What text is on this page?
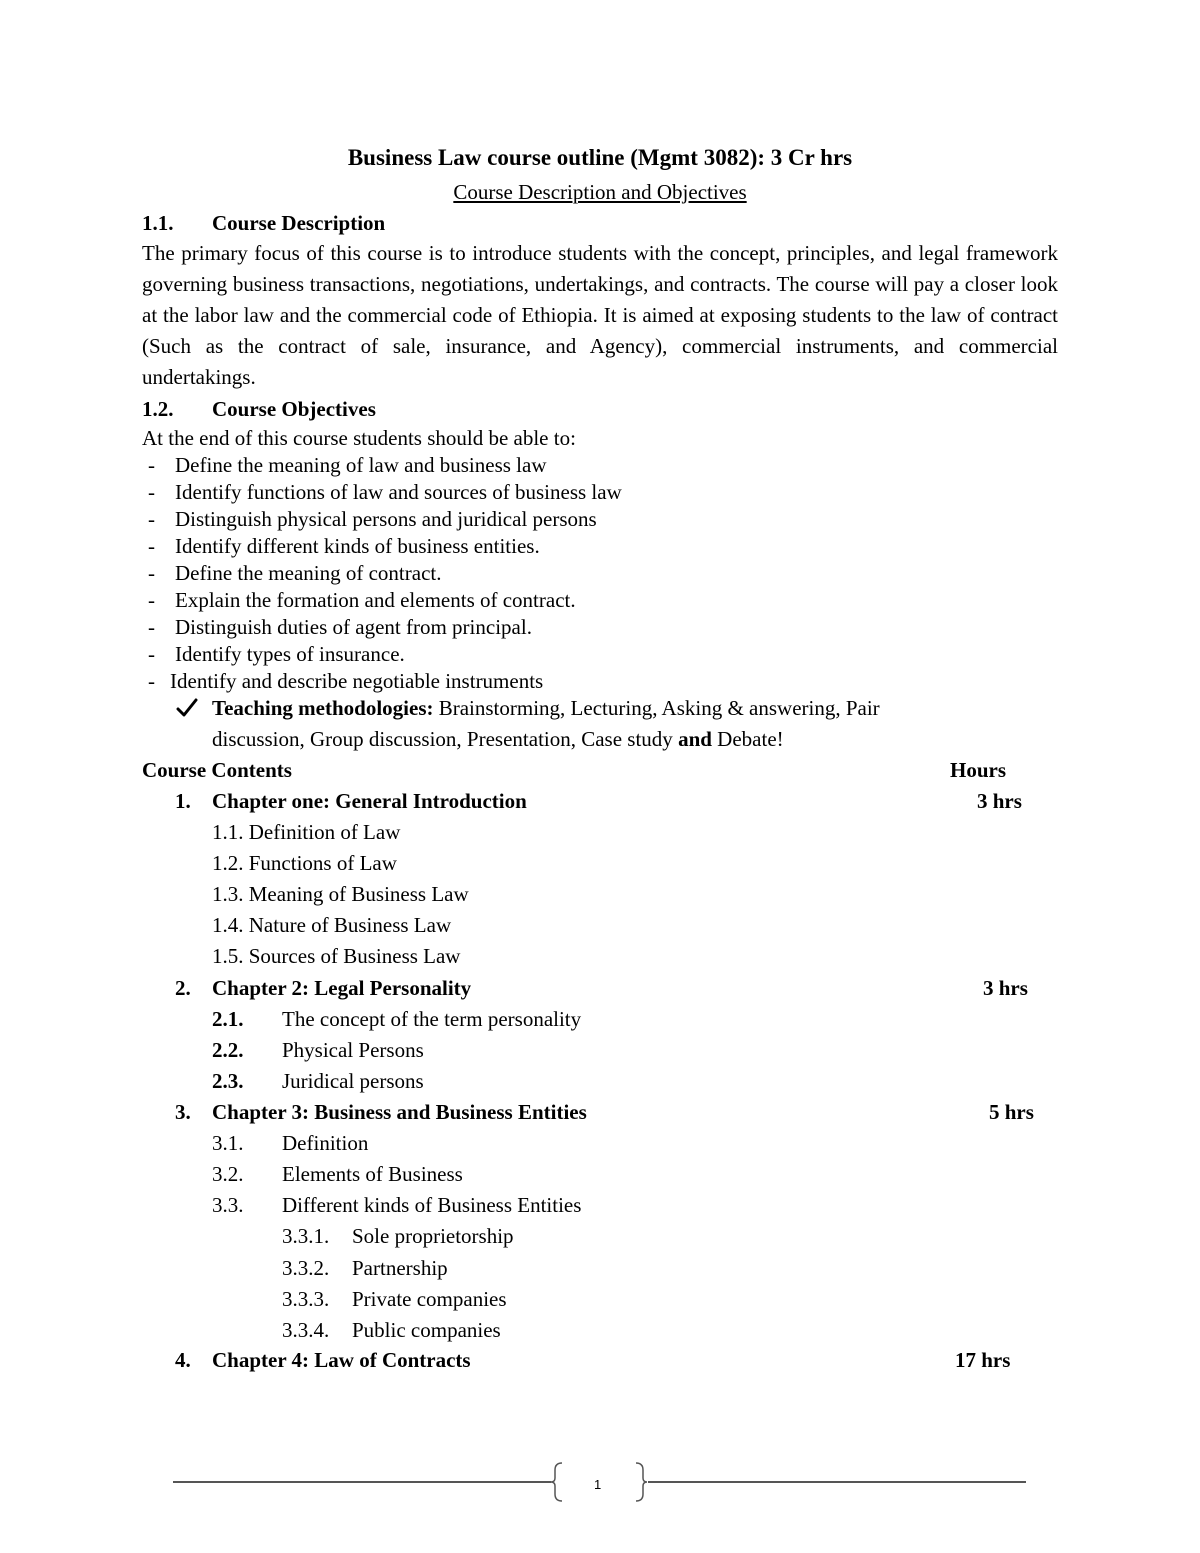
Business Law course outline (Mgmt 3082): 3 Cr hrs
Course Description and Objectives
1.1. Course Description
The primary focus of this course is to introduce students with the concept, principles, and legal framework governing business transactions, negotiations, undertakings, and contracts. The course will pay a closer look at the labor law and the commercial code of Ethiopia. It is aimed at exposing students to the law of contract (Such as the contract of sale, insurance, and Agency), commercial instruments, and commercial undertakings.
1.2. Course Objectives
At the end of this course students should be able to:
- Define the meaning of law and business law
- Identify functions of law and sources of business law
- Distinguish physical persons and juridical persons
- Identify different kinds of business entities.
- Define the meaning of contract.
- Explain the formation and elements of contract.
- Distinguish duties of agent from principal.
- Identify types of insurance.
- Identify and describe negotiable instruments
Teaching methodologies: Brainstorming, Lecturing, Asking & answering, Pair
discussion, Group discussion, Presentation, Case study and Debate!
Course Contents	Hours
1. Chapter one: General Introduction	3 hrs
1.1. Definition of Law
1.2. Functions of Law
1.3. Meaning of Business Law
1.4. Nature of Business Law
1.5. Sources of Business Law
2. Chapter 2: Legal Personality	3 hrs
2.1. The concept of the term personality
2.2. Physical Persons
2.3. Juridical persons
3. Chapter 3: Business and Business Entities	5 hrs
3.1. Definition
3.2. Elements of Business
3.3. Different kinds of Business Entities
3.3.1. Sole proprietorship
3.3.2. Partnership
3.3.3. Private companies
3.3.4. Public companies
4. Chapter 4: Law of Contracts	17 hrs
1
